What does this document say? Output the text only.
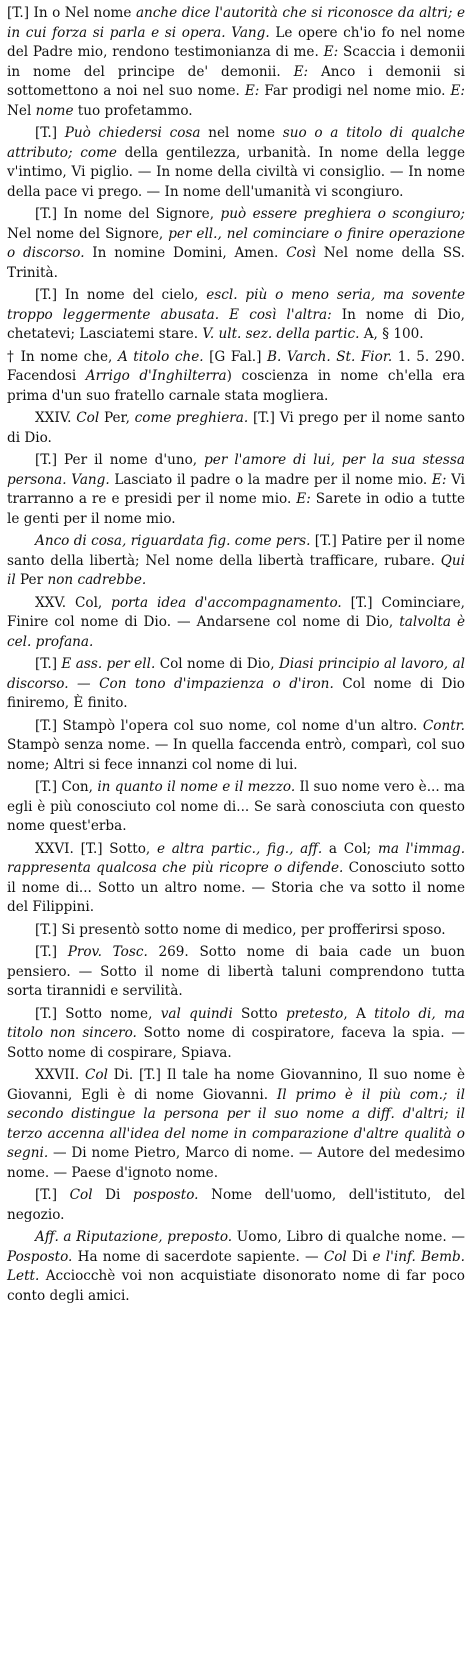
[T.] In o Nel nome anche dice l'autorità che si riconosce da altri; e in cui forza si parla e si opera. Vang. Le opere ch'io fo nel nome del Padre mio, rendono testimonianza di me. E: Scaccia i demonii in nome del principe de' demonii. E: Anco i demonii si sottomettono a noi nel suo nome. E: Far prodigi nel nome mio. E: Nel nome tuo profetammo.

[T.] Può chiedersi cosa nel nome suo o a titolo di qualche attributo; come della gentilezza, urbanità. In nome della legge v'intimo, Vi piglio. — In nome della civiltà vi consiglio. — In nome della pace vi prego. — In nome dell'umanità vi scongiuro.

[T.] In nome del Signore, può essere preghiera o scongiuro; Nel nome del Signore, per ell., nel cominciare o finire operazione o discorso. In nomine Domini, Amen. Così Nel nome della SS. Trinità.

[T.] In nome del cielo, escl. più o meno seria, ma sovente troppo leggermente abusata. E così l'altra: In nome di Dio, chetatevi; Lasciatemi stare. V. ult. sez. della partic. A, § 100.

† In nome che, A titolo che. [G Fal.] B. Varch. St. Fior. 1. 5. 290. Facendosi Arrigo d'Inghilterra) coscienza in nome ch'ella era prima d'un suo fratello carnale stata mogliera.

XXIV. Col Per, come preghiera. [T.] Vi prego per il nome santo di Dio.

[T.] Per il nome d'uno, per l'amore di lui, per la sua stessa persona. Vang. Lasciato il padre o la madre per il nome mio. E: Vi trarranno a re e presidi per il nome mio. E: Sarete in odio a tutte le genti per il nome mio.

Anco di cosa, riguardata fig. come pers. [T.] Patire per il nome santo della libertà; Nel nome della libertà trafficare, rubare. Qui il Per non cadrebbe.

XXV. Col, porta idea d'accompagnamento. [T.] Cominciare, Finire col nome di Dio. — Andarsene col nome di Dio, talvolta è cel. profana.

[T.] E ass. per ell. Col nome di Dio, Diasi principio al lavoro, al discorso. — Con tono d'impazienza o d'iron. Col nome di Dio finiremo, È finito.

[T.] Stampò l'opera col suo nome, col nome d'un altro. Contr. Stampò senza nome. — In quella faccenda entrò, comparì, col suo nome; Altri si fece innanzi col nome di lui.

[T.] Con, in quanto il nome e il mezzo. Il suo nome vero è... ma egli è più conosciuto col nome di... Se sarà conosciuta con questo nome quest'erba.

XXVI. [T.] Sotto, e altra partic., fig., aff. a Col; ma l'immag. rappresenta qualcosa che più ricopre o difende. Conosciuto sotto il nome di... Sotto un altro nome. — Storia che va sotto il nome del Filippini.

[T.] Si presentò sotto nome di medico, per profferirsi sposo.

[T.] Prov. Tosc. 269. Sotto nome di baia cade un buon pensiero. — Sotto il nome di libertà taluni comprendono tutta sorta tirannidi e servilità.

[T.] Sotto nome, val quindi Sotto pretesto, A titolo di, ma titolo non sincero. Sotto nome di cospiratore, faceva la spia. — Sotto nome di cospirare, Spiava.

XXVII. Col Di. [T.] Il tale ha nome Giovannino, Il suo nome è Giovanni, Egli è di nome Giovanni. Il primo è il più com.; il secondo distingue la persona per il suo nome a diff. d'altri; il terzo accenna all'idea del nome in comparazione d'altre qualità o segni. — Di nome Pietro, Marco di nome. — Autore del medesimo nome. — Paese d'ignoto nome.

[T.] Col Di posposto. Nome dell'uomo, dell'istituto, del negozio.

Aff. a Riputazione, preposto. Uomo, Libro di qualche nome. — Posposto. Ha nome di sacerdote sapiente. — Col Di e l'inf. Bemb. Lett. Acciocchè voi non acquistiate disonorato nome di far poco conto degli amici.
